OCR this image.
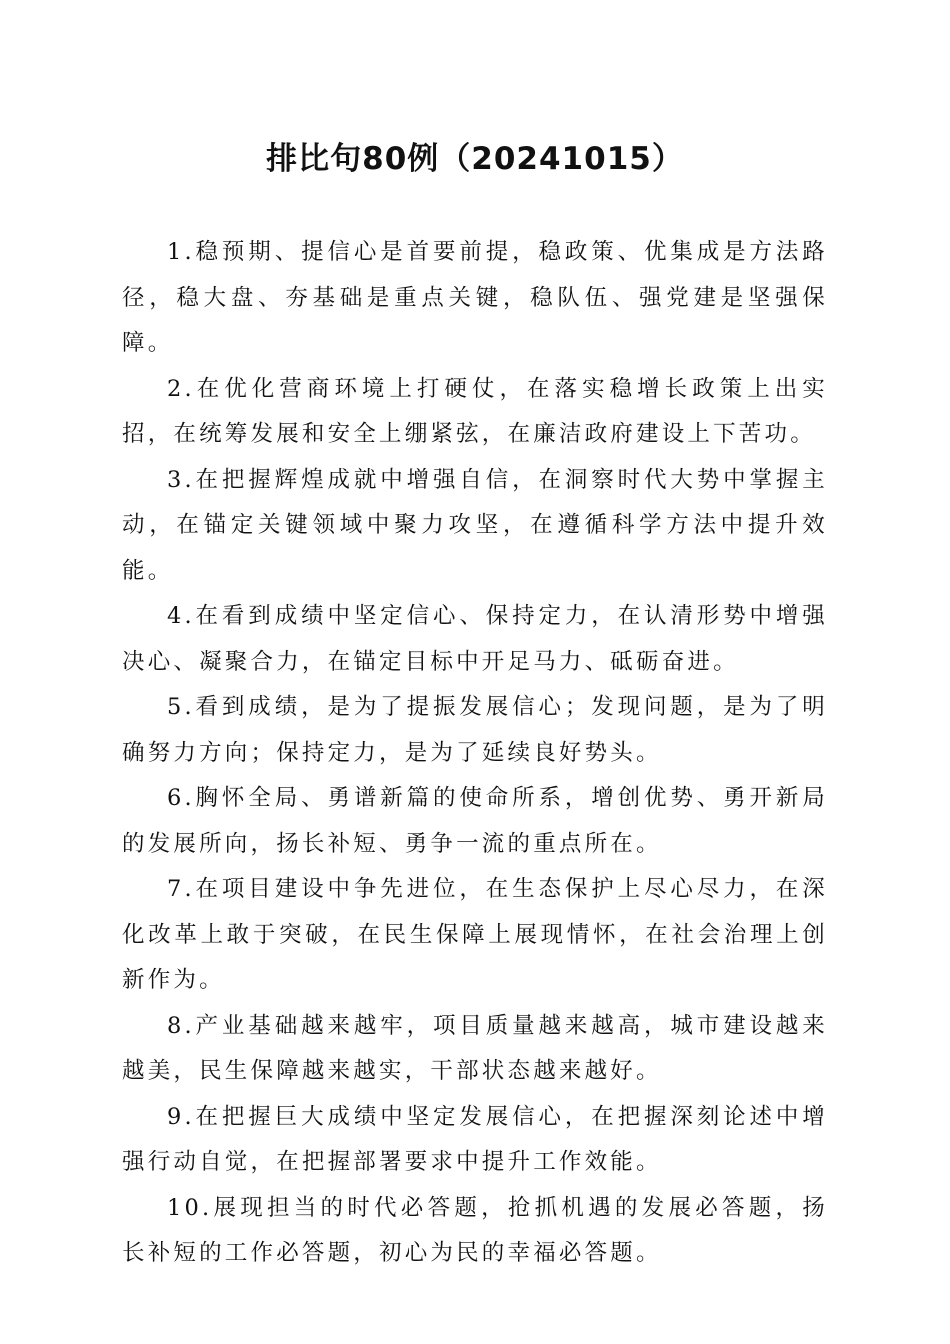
排比句80例（20241015）

1.稳预期、提信心是首要前提，稳政策、优集成是方法路径，稳大盘、夯基础是重点关键，稳队伍、强党建是坚强保障。

2.在优化营商环境上打硬仗，在落实稳增长政策上出实招，在统筹发展和安全上绷紧弦，在廉洁政府建设上下苦功。

3.在把握辉煌成就中增强自信，在洞察时代大势中掌握主动，在锚定关键领域中聚力攻坚，在遵循科学方法中提升效能。

4.在看到成绩中坚定信心、保持定力，在认清形势中增强决心、凝聚合力，在锚定目标中开足马力、砥砺奋进。

5.看到成绩，是为了提振发展信心；发现问题，是为了明确努力方向；保持定力，是为了延续良好势头。

6.胸怀全局、勇谱新篇的使命所系，增创优势、勇开新局的发展所向，扬长补短、勇争一流的重点所在。

7.在项目建设中争先进位，在生态保护上尽心尽力，在深化改革上敢于突破，在民生保障上展现情怀，在社会治理上创新作为。

8.产业基础越来越牢，项目质量越来越高，城市建设越来越美，民生保障越来越实，干部状态越来越好。

9.在把握巨大成绩中坚定发展信心，在把握深刻论述中增强行动自觉，在把握部署要求中提升工作效能。

10.展现担当的时代必答题，抢抓机遇的发展必答题，扬长补短的工作必答题，初心为民的幸福必答题。
